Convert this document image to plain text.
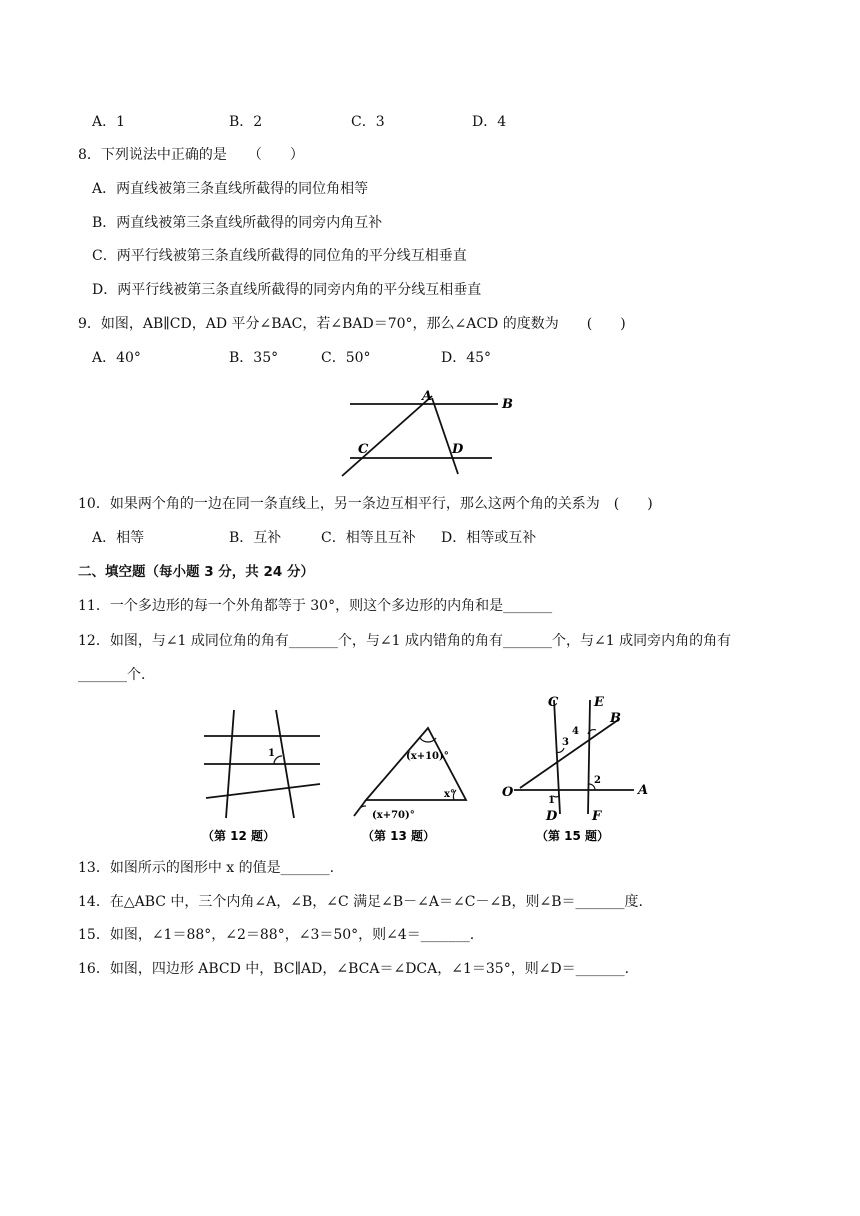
A．1	B．2	C．3	D．4
8．下列说法中正确的是　　（　　）
A．两直线被第三条直线所截得的同位角相等
B．两直线被第三条直线所截得的同旁内角互补
C．两平行线被第三条直线所截得的同位角的平分线互相垂直
D．两平行线被第三条直线所截得的同旁内角的平分线互相垂直
9．如图，AB∥CD，AD 平分∠BAC，若∠BAD＝70°，那么∠ACD 的度数为　　(　　)
A．40°	B．35°	C．50°	D．45°
A
B
C	D
10．如果两个角的一边在同一条直线上，另一条边互相平行，那么这两个角的关系为　(　　)
A．相等	B．互补	C．相等且互补 D．相等或互补
二、填空题（每小题 3 分，共 24 分）
11．一个多边形的每一个外角都等于 30°，则这个多边形的内角和是_______
12．如图，与∠1 成同位角的角有_______个，与∠1 成内错角的角有_______个，与∠1 成同旁内角的角有
_______个.
1
（第 12 题）
(x+10)°
x°
(x+70)°
（第 13 题）
C	E
B
4
3
2
O
1
A
D	F
（第 15 题）
13．如图所示的图形中 x 的值是_______.
14．在△ABC 中，三个内角∠A，∠B，∠C 满足∠B－∠A＝∠C－∠B，则∠B＝_______度.
15．如图，∠1＝88°，∠2＝88°，∠3＝50°，则∠4＝_______.
16．如图，四边形 ABCD 中，BC∥AD，∠BCA＝∠DCA，∠1＝35°，则∠D＝_______.
